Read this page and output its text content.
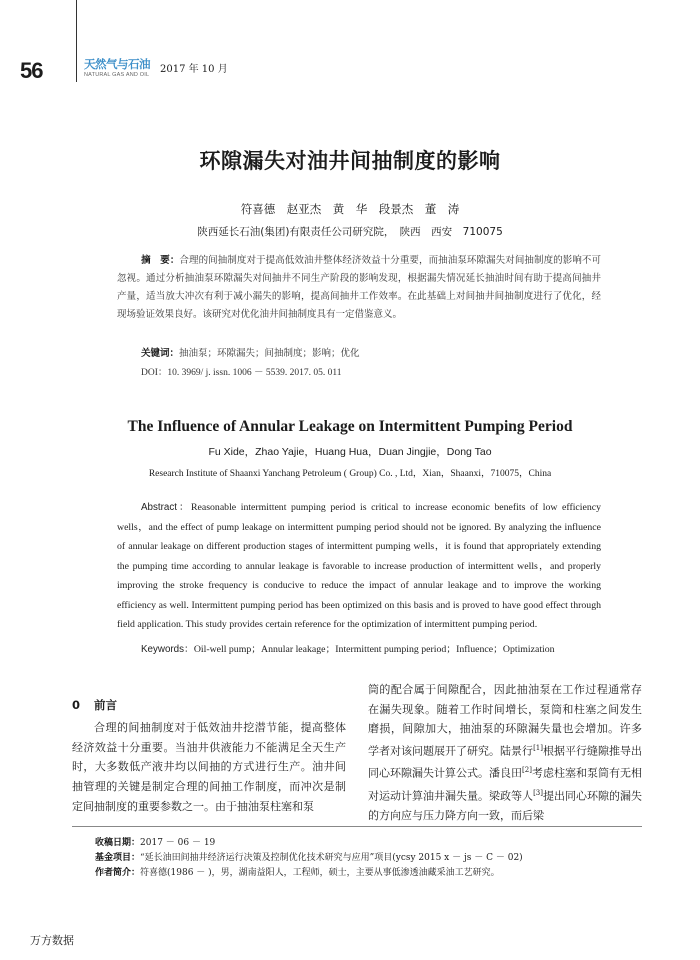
56	天然气与石油
NATURAL GAS AND OIL 2017 年 10 月
环隙漏失对油井间抽制度的影响
符喜德　赵亚杰　黄　华　段景杰　董　涛
陕西延长石油(集团)有限责任公司研究院，　陕西　西安　710075
摘　要：合理的间抽制度对于提高低效油井整体经济效益十分重要，而抽油泵环隙漏失对间抽制度的影响不可忽视。通过分析抽油泵环隙漏失对间抽井不同生产阶段的影响发现，根据漏失情况延长抽油时间有助于提高间抽井产量，适当放大冲次有利于减小漏失的影响，提高间抽井工作效率。在此基础上对间抽井间抽制度进行了优化，经现场验证效果良好。该研究对优化油井间抽制度具有一定借鉴意义。
关键词：抽油泵；环隙漏失；间抽制度；影响；优化
DOI：10. 3969/ j. issn. 1006 － 5539. 2017. 05. 011
The Influence of Annular Leakage on Intermittent Pumping Period
Fu Xide，Zhao Yajie，Huang Hua，Duan Jingjie，Dong Tao
Research Institute of Shaanxi Yanchang Petroleum ( Group) Co. , Ltd，Xian，Shaanxi，710075，China
Abstract：Reasonable intermittent pumping period is critical to increase economic benefits of low efficiency wells，and the effect of pump leakage on intermittent pumping period should not be ignored. By analyzing the influence of annular leakage on different production stages of intermittent pumping wells，it is found that appropriately extending the pumping time according to annular leakage is favorable to increase production of intermittent wells，and properly improving the stroke frequency is conducive to reduce the impact of annular leakage and to improve the working efficiency as well. Intermittent pumping period has been optimized on this basis and is proved to have good effect through field application. This study provides certain reference for the optimization of intermittent pumping period.
Keywords：Oil-well pump；Annular leakage；Intermittent pumping period；Influence；Optimization
0 前言
合理的间抽制度对于低效油井挖潜节能，提高整体经济效益十分重要。当油井供液能力不能满足全天生产时，大多数低产液井均以间抽的方式进行生产。油井间抽管理的关键是制定合理的间抽工作制度，而冲次是制定间抽制度的重要参数之一。由于抽油泵柱塞和泵
筒的配合属于间隙配合，因此抽油泵在工作过程通常存在漏失现象。随着工作时间增长，泵筒和柱塞之间发生磨损，间隙加大，抽油泵的环隙漏失量也会增加。许多学者对该问题展开了研究。陆景行[1]根据平行缝隙推导出同心环隙漏失计算公式。潘良田[2]考虑柱塞和泵筒有无相对运动计算油井漏失量。梁政等人[3]提出同心环隙的漏失的方向应与压力降方向一致，而后梁
收稿日期：2017 － 06 － 19
基金项目：“延长油田间抽井经济运行决策及控制优化技术研究与应用”项目(ycsy 2015 x － js － C － 02)
作者简介：符喜德(1986 － )，男，湖南益阳人，工程师，硕士，主要从事低渗透油藏采油工艺研究。
万方数据
